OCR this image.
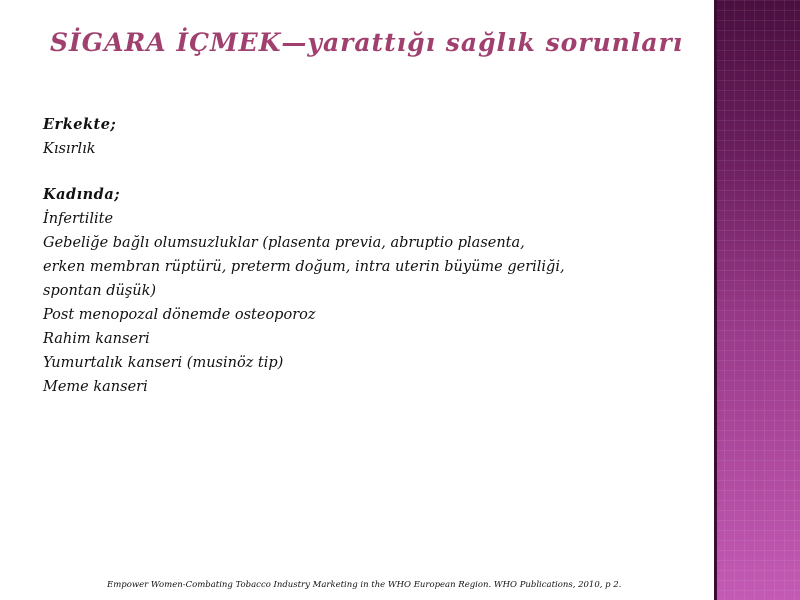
SİGARA İÇMEK—yarattığı sağlık sorunları
Erkekte;
Kısırlık
Kadında;
İnfertilite
Gebeliğe bağlı olumsuzluklar (plasenta previa, abruptio plasenta,
erken membran rüptürü, preterm doğum, intra uterin büyüme geriliği,
spontan düşük)
Post menopozal dönemde osteoporoz
Rahim kanseri
Yumurtalık kanseri (musinöz tip)
Meme kanseri
Empower Women-Combating Tobacco Industry Marketing in the WHO European Region. WHO Publications, 2010, p 2.
